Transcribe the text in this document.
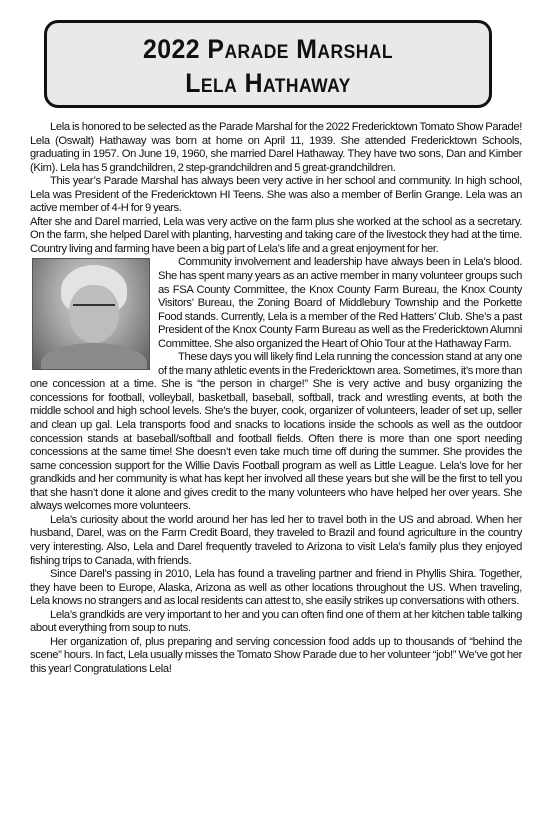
2022 Parade Marshal
Lela Hathaway

Lela is honored to be selected as the Parade Marshal for the 2022 Fredericktown Tomato Show Parade! Lela (Oswalt) Hathaway was born at home on April 11, 1939. She attended Fredericktown Schools, graduating in 1957. On June 19, 1960, she married Darel Hathaway. They have two sons, Dan and Kimber (Kim). Lela has 5 grandchildren, 2 step-grandchildren and 5 great-grandchildren.

This year’s Parade Marshal has always been very active in her school and community. In high school, Lela was President of the Fredericktown HI Teens. She was also a member of Berlin Grange. Lela was an active member of 4-H for 9 years.

After she and Darel married, Lela was very active on the farm plus she worked at the school as a secretary. On the farm, she helped Darel with planting, harvesting and taking care of the livestock they had at the time. Country living and farming have been a big part of Lela’s life and a great enjoyment for her.

Community involvement and leadership have always been in Lela’s blood. She has spent many years as an active member in many volunteer groups such as FSA County Committee, the Knox County Farm Bureau, the Knox County Visitors’ Bureau, the Zoning Board of Middlebury Township and the Porkette Food stands. Currently, Lela is a member of the Red Hatters’ Club. She’s a past President of the Knox County Farm Bureau as well as the Fredericktown Alumni Committee. She also organized the Heart of Ohio Tour at the Hathaway Farm.

These days you will likely find Lela running the concession stand at any one of the many athletic events in the Fredericktown area. Sometimes, it’s more than one concession at a time. She is “the person in charge!” She is very active and busy organizing the concessions for football, volleyball, basketball, baseball, softball, track and wrestling events, at both the middle school and high school levels. She’s the buyer, cook, organizer of volunteers, leader of set up, seller and clean up gal. Lela transports food and snacks to locations inside the schools as well as the outdoor concession stands at baseball/softball and football fields. Often there is more than one sport needing concessions at the same time! She doesn’t even take much time off during the summer. She provides the same concession support for the Willie Davis Football program as well as Little League. Lela’s love for her grandkids and her community is what has kept her involved all these years but she will be the first to tell you that she hasn’t done it alone and gives credit to the many volunteers who have helped her over years. She always welcomes more volunteers.

Lela’s curiosity about the world around her has led her to travel both in the US and abroad. When her husband, Darel, was on the Farm Credit Board, they traveled to Brazil and found agriculture in the country very interesting. Also, Lela and Darel frequently traveled to Arizona to visit Lela’s family plus they enjoyed fishing trips to Canada, with friends.

Since Darel’s passing in 2010, Lela has found a traveling partner and friend in Phyllis Shira. Together, they have been to Europe, Alaska, Arizona as well as other locations throughout the US. When traveling, Lela knows no strangers and as local residents can attest to, she easily strikes up conversations with others.

Lela’s grandkids are very important to her and you can often find one of them at her kitchen table talking about everything from soup to nuts.

Her organization of, plus preparing and serving concession food adds up to thousands of “behind the scene” hours. In fact, Lela usually misses the Tomato Show Parade due to her volunteer “job!” We’ve got her this year! Congratulations Lela!
